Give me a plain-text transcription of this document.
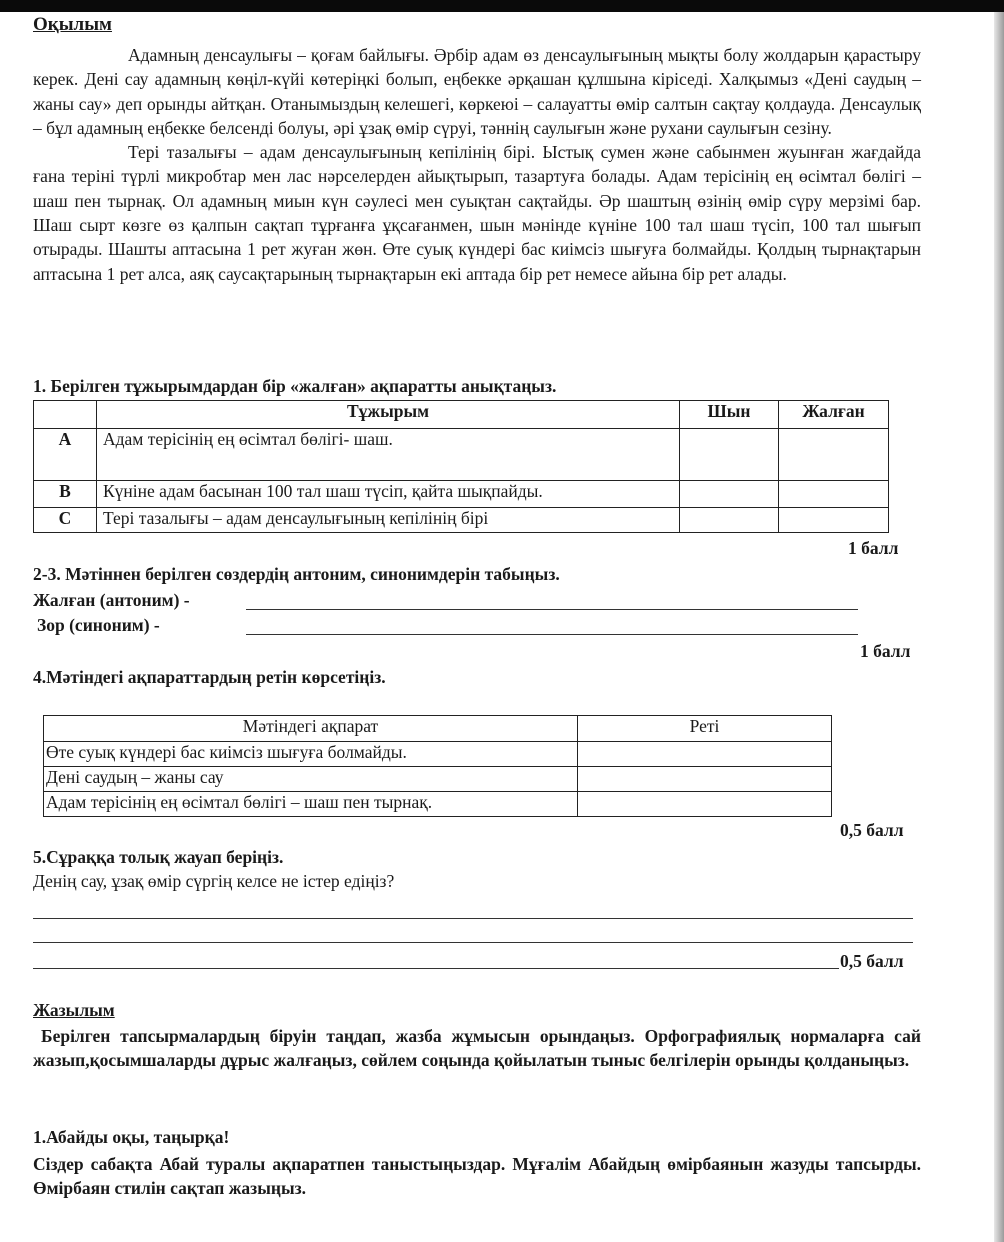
Оқылым

Адамның денсаулығы – қоғам байлығы. Әрбір адам өз денсаулығының мықты болу жолдарын қарастыру керек. Дені сау адамның көңіл-күйі көтеріңкі болып, еңбекке әрқашан құлшына кіріседі. Халқымыз «Дені саудың – жаны сау» деп орынды айтқан. Отанымыздың келешегі, көркеюі – салауатты өмір салтын сақтау қолдауда. Денсаулық – бұл адамның еңбекке белсенді болуы, әрі ұзақ өмір сүруі, тәннің саулығын және рухани саулығын сезіну.

Тері тазалығы – адам денсаулығының кепілінің бірі. Ыстық сумен және сабынмен жуынған жағдайда ғана теріні түрлі микробтар мен лас нәрселерден айықтырып, тазартуға болады. Адам терісінің ең өсімтал бөлігі – шаш пен тырнақ. Ол адамның миын күн сәулесі мен суықтан сақтайды. Әр шаштың өзінің өмір сүру мерзімі бар. Шаш сырт көзге өз қалпын сақтап тұрғанға ұқсағанмен, шын мәнінде күніне 100 тал шаш түсіп, 100 тал шығып отырады. Шашты аптасына 1 рет жуған жөн. Өте суық күндері бас киімсіз шығуға болмайды. Қолдың тырнақтарын аптасына 1 рет алса, аяқ саусақтарының тырнақтарын екі аптада бір рет немесе айына бір рет алады.

1. Берілген тұжырымдардан бір «жалған» ақпаратты анықтаңыз.
	Тұжырым	Шын	Жалған
A	Адам терісінің ең өсімтал бөлігі- шаш.		
B	Күніне адам басынан 100 тал шаш түсіп, қайта шықпайды.		
C	Тері тазалығы – адам денсаулығының кепілінің бірі		
1 балл
2-3. Мәтіннен берілген сөздердің антоним, синонимдерін табыңыз.
Жалған (антоним) -
Зор (синоним) -
1 балл
4.Мәтіндегі ақпараттардың ретін көрсетіңіз.
Мәтіндегі ақпарат	Реті
Өте суық күндері бас киімсіз шығуға болмайды.	
Дені саудың – жаны сау	
Адам терісінің ең өсімтал бөлігі – шаш пен тырнақ.	
0,5 балл
5.Сұраққа толық жауап беріңіз.
Денің сау, ұзақ өмір сүргің келсе не істер едіңіз?
0,5 балл
Жазылым
Берілген тапсырмалардың біруін таңдап, жазба жұмысын орындаңыз. Орфографиялық нормаларға сай жазып,қосымшаларды дұрыс жалғаңыз, сөйлем соңында қойылатын тыныс белгілерін орынды қолданыңыз.
1.Абайды оқы, таңырқа!
Сіздер сабақта Абай туралы ақпаратпен таныстыңыздар. Мұғалім Абайдың өмірбаянын жазуды тапсырды. Өмірбаян стилін сақтап жазыңыз.
